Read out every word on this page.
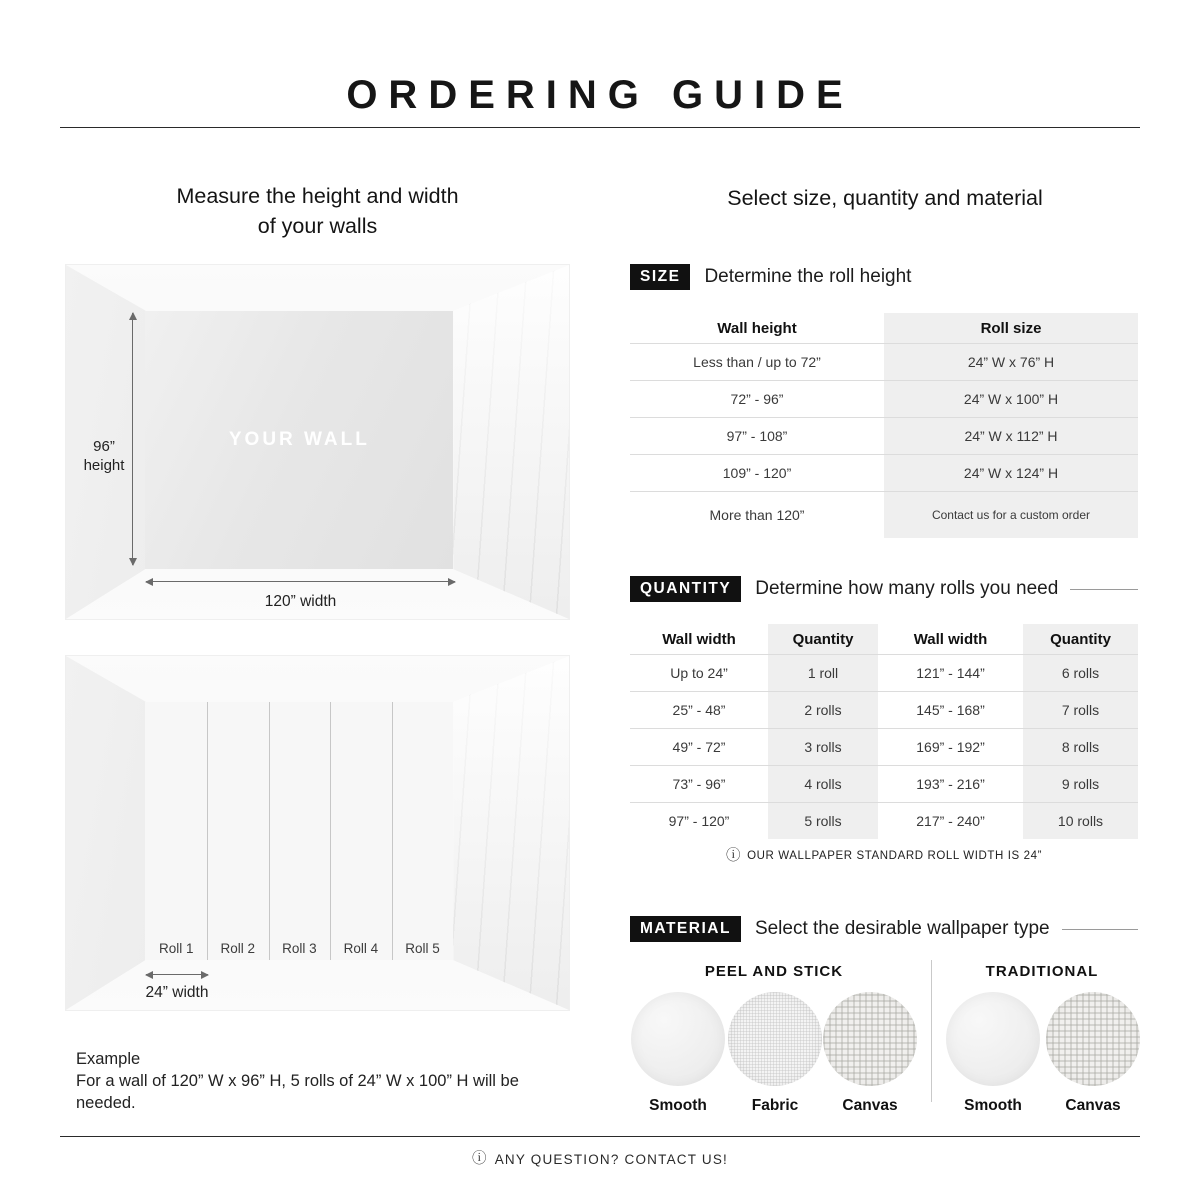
ORDERING GUIDE
Measure the height and width
of your walls
YOUR WALL
96”
height
120” width
Roll 1	Roll 2	Roll 3	Roll 4	Roll 5
24” width
Example
For a wall of 120” W x 96” H, 5 rolls of 24” W x 100” H will be needed.
Select size, quantity and material
SIZE	Determine the roll height
Wall height	Roll size
Less than / up to 72”	24” W x 76” H
72” - 96”	24” W x 100” H
97” - 108”	24” W x 112” H
109” - 120”	24” W x 124” H
More than 120”	Contact us for a custom order
QUANTITY	Determine how many rolls you need
Wall width	Quantity	Wall width	Quantity
Up to 24”	1 roll	121” - 144”	6 rolls
25” - 48”	2 rolls	145” - 168”	7 rolls
49” - 72”	3 rolls	169” - 192”	8 rolls
73” - 96”	4 rolls	193” - 216”	9 rolls
97” - 120”	5 rolls	217” - 240”	10 rolls
ⓘ OUR WALLPAPER STANDARD ROLL WIDTH IS 24”
MATERIAL	Select the desirable wallpaper type
PEEL AND STICK	TRADITIONAL
Smooth	Fabric	Canvas	Smooth	Canvas
ⓘ ANY QUESTION? CONTACT US!
